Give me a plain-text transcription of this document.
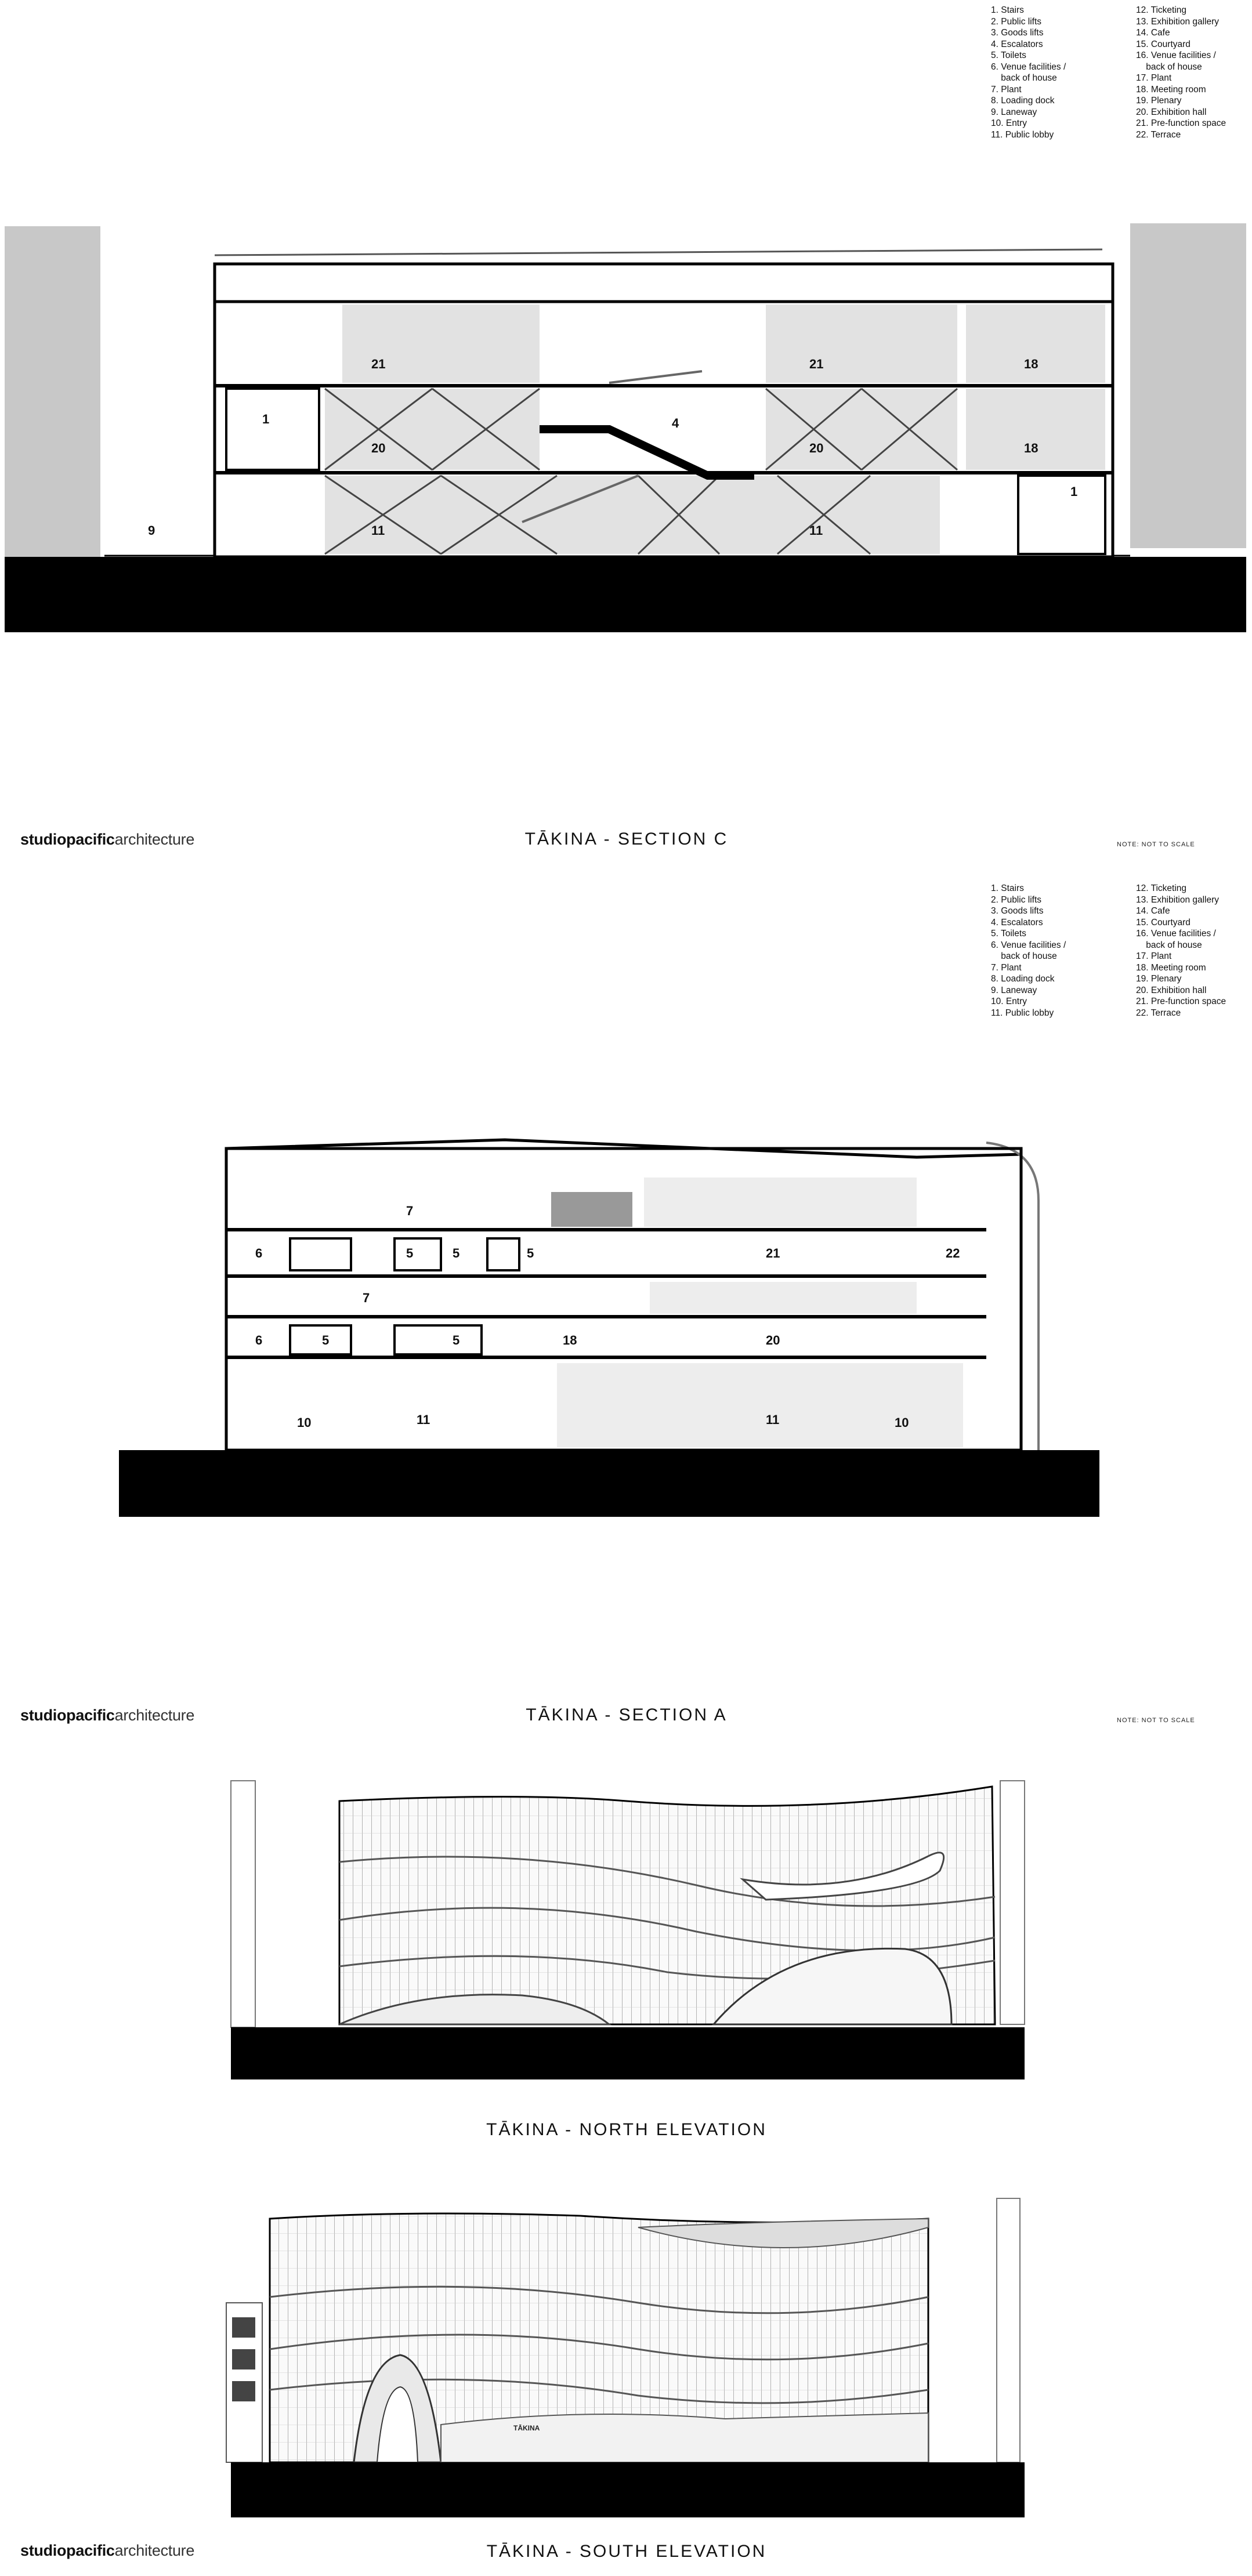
1. Stairs
2. Public lifts
3. Goods lifts
4. Escalators
5. Toilets
6. Venue facilities /
back of house
7. Plant
8. Loading dock
9. Laneway
10. Entry
11. Public lobby
12. Ticketing
13. Exhibition gallery
14. Cafe
15. Courtyard
16. Venue facilities /
back of house
17. Plant
18. Meeting room
19. Plenary
20. Exhibition hall
21. Pre-function space
22. Terrace
21	21	18
1
20
4
20	18
9	11	11
1
studiopacificarchitecture	TĀKINA - SECTION C	NOTE: NOT TO SCALE
1. Stairs
2. Public lifts
3. Goods lifts
4. Escalators
5. Toilets
6. Venue facilities /
back of house
7. Plant
8. Loading dock
9. Laneway
10. Entry
11. Public lobby
12. Ticketing
13. Exhibition gallery
14. Cafe
15. Courtyard
16. Venue facilities /
back of house
17. Plant
18. Meeting room
19. Plenary
20. Exhibition hall
21. Pre-function space
22. Terrace
7
6	5	5	5	21	22
7
6	5	5	18	20
10	11	11	10
studiopacificarchitecture	TĀKINA - SECTION A	NOTE: NOT TO SCALE
TĀKINA
TĀKINA - NORTH ELEVATION
studiopacificarchitecture	TĀKINA - SOUTH ELEVATION
